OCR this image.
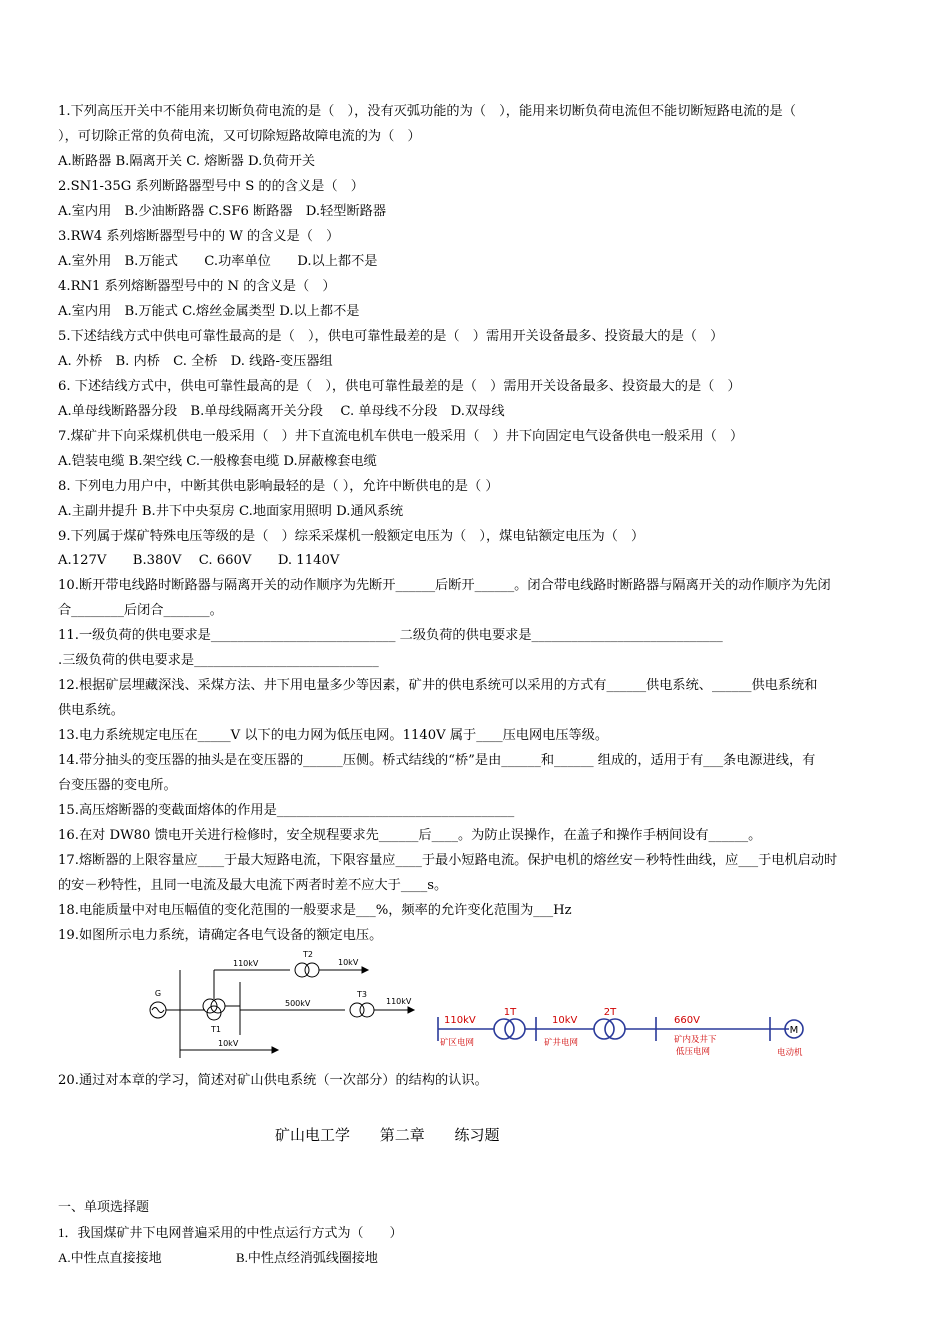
1.下列高压开关中不能用来切断负荷电流的是（　），没有灭弧功能的为（　），能用来切断负荷电流但不能切断短路电流的是（
），可切除正常的负荷电流，又可切除短路故障电流的为（　）
A.断路器 B.隔离开关 C. 熔断器 D.负荷开关
2.SN1-35G 系列断路器型号中 S 的的含义是（　）
A.室内用　B.少油断路器 C.SF6 断路器　D.轻型断路器
3.RW4 系列熔断器型号中的 W 的含义是（　）
A.室外用　B.万能式　　C.功率单位　　D.以上都不是
4.RN1 系列熔断器型号中的 N 的含义是（　）
A.室内用　B.万能式 C.熔丝金属类型 D.以上都不是
5.下述结线方式中供电可靠性最高的是（　），供电可靠性最差的是（　）需用开关设备最多、投资最大的是（　）
A. 外桥　B. 内桥　C. 全桥　D. 线路-变压器组
6. 下述结线方式中，供电可靠性最高的是（　），供电可靠性最差的是（　）需用开关设备最多、投资最大的是（　）
A.单母线断路器分段　B.单母线隔离开关分段　 C. 单母线不分段　D.双母线
7.煤矿井下向采煤机供电一般采用（　）井下直流电机车供电一般采用（　）井下向固定电气设备供电一般采用（　）
A.铠装电缆 B.架空线 C.一般橡套电缆 D.屏蔽橡套电缆
8. 下列电力用户中，中断其供电影响最轻的是（ ），允许中断供电的是（ ）
A.主副井提升 B.井下中央泵房 C.地面家用照明 D.通风系统
9.下列属于煤矿特殊电压等级的是（　）综采采煤机一般额定电压为（　），煤电钻额定电压为（　）
A.127V　　B.380V　 C. 660V　　D. 1140V
10.断开带电线路时断路器与隔离开关的动作顺序为先断开______后断开______。闭合带电线路时断路器与隔离开关的动作顺序为先闭
合________后闭合_______。
11.一级负荷的供电要求是____________________________ 二级负荷的供电要求是_____________________________
.三级负荷的供电要求是____________________________
12.根据矿层埋藏深浅、采煤方法、井下用电量多少等因素，矿井的供电系统可以采用的方式有______供电系统、______供电系统和
供电系统。
13.电力系统规定电压在_____V 以下的电力网为低压电网。1140V 属于____压电网电压等级。
14.带分抽头的变压器的抽头是在变压器的______压侧。桥式结线的“桥”是由______和______ 组成的，适用于有___条电源进线，有
台变压器的变电所。
15.高压熔断器的变截面熔体的作用是____________________________________
16.在对 DW80 馈电开关进行检修时，安全规程要求先______后____。为防止误操作，在盖子和操作手柄间设有______。
17.熔断器的上限容量应____于最大短路电流，下限容量应____于最小短路电流。保护电机的熔丝安－秒特性曲线，应___于电机启动时
的安－秒特性，且同一电流及最大电流下两者时差不应大于____s。
18.电能质量中对电压幅值的变化范围的一般要求是___%，频率的允许变化范围为___Hz
19.如图所示电力系统，请确定各电气设备的额定电压。
G
T1
T2
T3
110kV	10kV
500kV	110kV
10kV
M
110kV
1T
10kV
2T
660V
矿区电网	矿井电网	矿内及井下
低压电网	电动机
20.通过对本章的学习，简述对矿山供电系统（一次部分）的结构的认识。
矿山电工学 第二章 练习题
一、单项选择题
1．我国煤矿井下电网普遍采用的中性点运行方式为（　　）
A.中性点直接接地	B.中性点经消弧线圈接地
